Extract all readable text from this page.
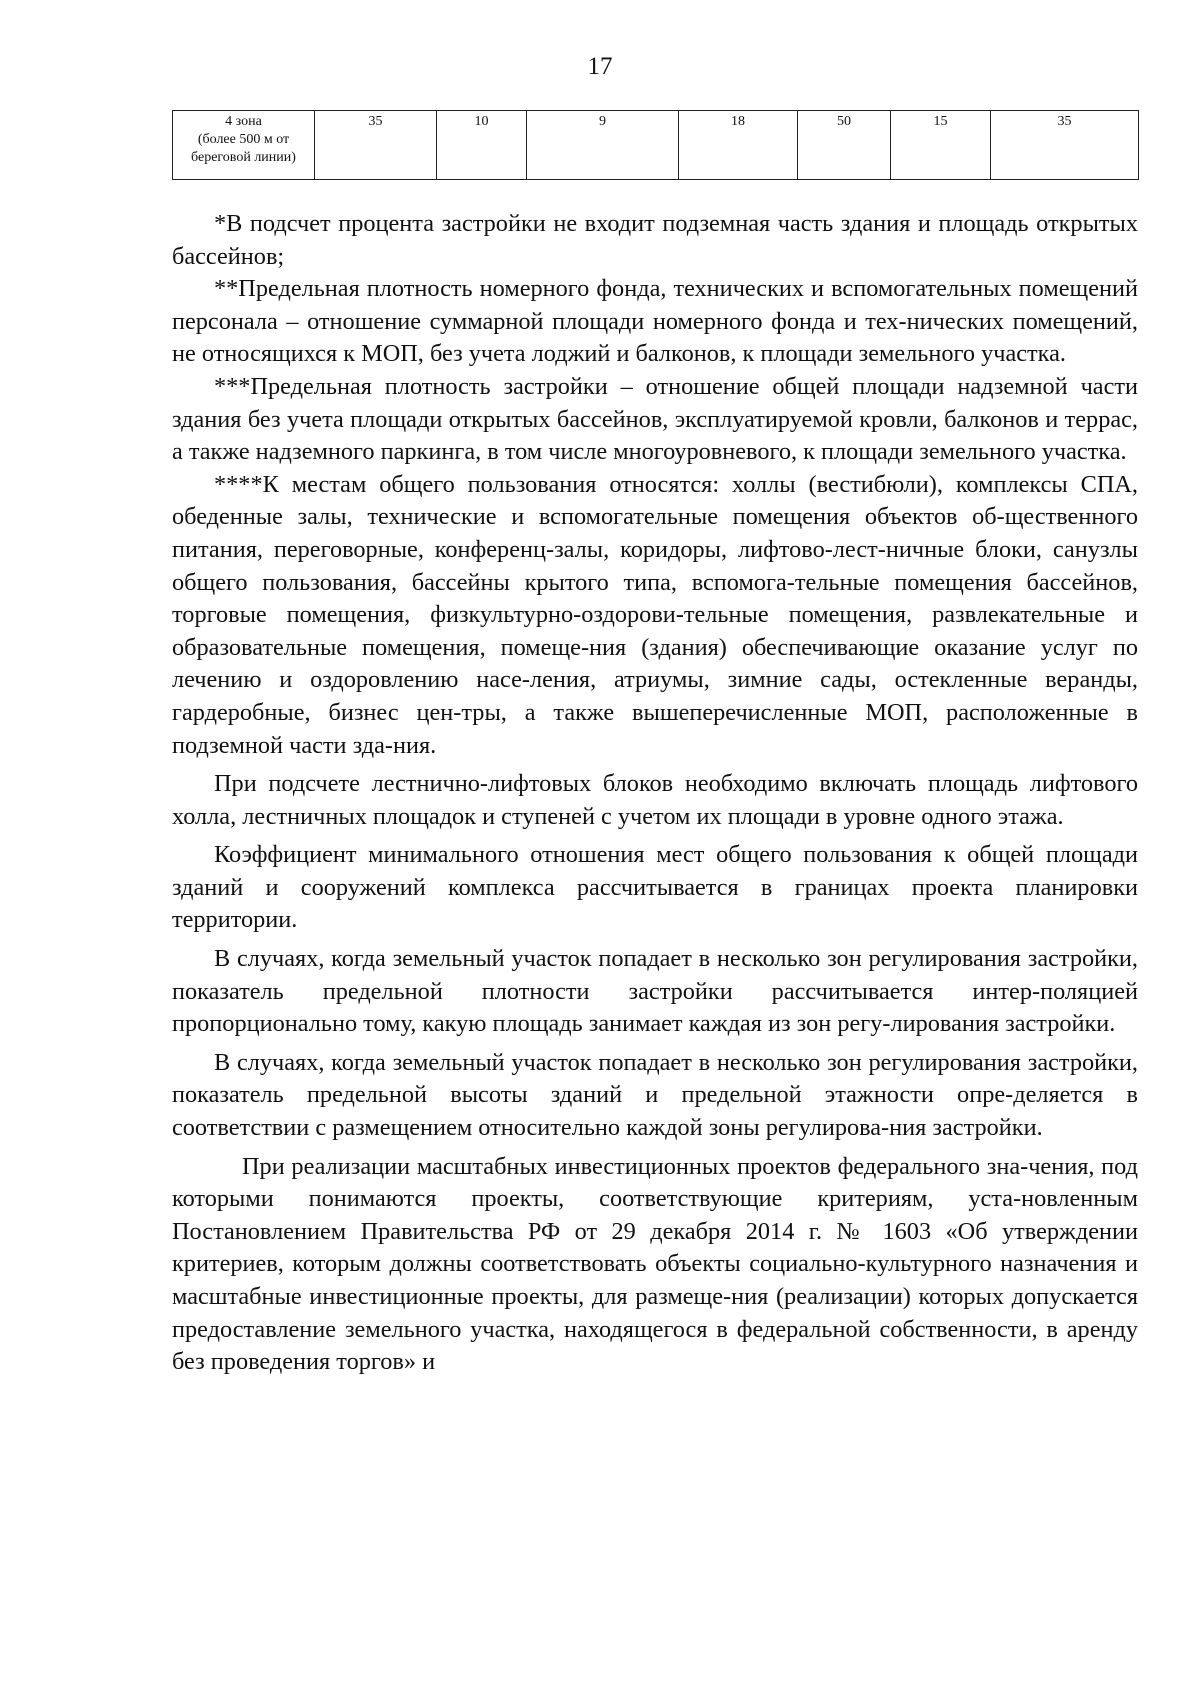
17
4 зона
(более 500 м от
береговой линии)
	35	10	9	18	50	15	35

*В подсчет процента застройки не входит подземная часть здания и площадь открытых бассейнов;

**Предельная плотность номерного фонда, технических и вспомогательных помещений персонала – отношение суммарной площади номерного фонда и тех-нических помещений, не относящихся к МОП, без учета лоджий и балконов, к площади земельного участка.

***Предельная плотность застройки – отношение общей площади надземной части здания без учета площади открытых бассейнов, эксплуатируемой кровли, балконов и террас, а также надземного паркинга, в том числе многоуровневого, к площади земельного участка.

****К местам общего пользования относятся: холлы (вестибюли), комплексы СПА, обеденные залы, технические и вспомогательные помещения объектов об-щественного питания, переговорные, конференц-залы, коридоры, лифтово-лест-ничные блоки, санузлы общего пользования, бассейны крытого типа, вспомога-тельные помещения бассейнов, торговые помещения, физкультурно-оздорови-тельные помещения, развлекательные и образовательные помещения, помеще-ния (здания) обеспечивающие оказание услуг по лечению и оздоровлению насе-ления, атриумы, зимние сады, остекленные веранды, гардеробные, бизнес цен-тры, а также вышеперечисленные МОП, расположенные в подземной части зда-ния.

При подсчете лестнично-лифтовых блоков необходимо включать площадь лифтового холла, лестничных площадок и ступеней с учетом их площади в уровне одного этажа.

Коэффициент минимального отношения мест общего пользования к общей площади зданий и сооружений комплекса рассчитывается в границах проекта планировки территории.

В случаях, когда земельный участок попадает в несколько зон регулирования застройки, показатель предельной плотности застройки рассчитывается интер-поляцией пропорционально тому, какую площадь занимает каждая из зон регу-лирования застройки.

В случаях, когда земельный участок попадает в несколько зон регулирования застройки, показатель предельной высоты зданий и предельной этажности опре-деляется в соответствии с размещением относительно каждой зоны регулирова-ния застройки.

При реализации масштабных инвестиционных проектов федерального зна-чения, под которыми понимаются проекты, соответствующие критериям, уста-новленным Постановлением Правительства РФ от 29 декабря 2014 г. № 1603 «Об утверждении критериев, которым должны соответствовать объекты социально-культурного назначения и масштабные инвестиционные проекты, для размеще-ния (реализации) которых допускается предоставление земельного участка, находящегося в федеральной собственности, в аренду без проведения торгов» и
